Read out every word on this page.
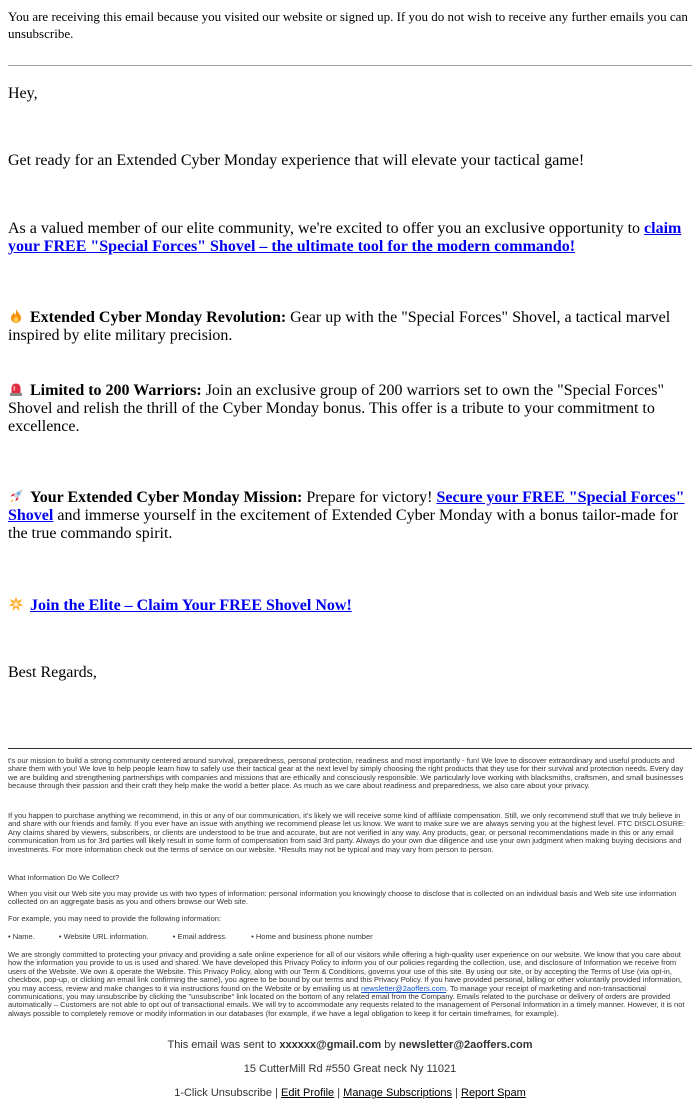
You are receiving this email because you visited our website or signed up. If you do not wish to receive any further emails you can unsubscribe.
Hey,
Get ready for an Extended Cyber Monday experience that will elevate your tactical game!
As a valued member of our elite community, we're excited to offer you an exclusive opportunity to claim your FREE "Special Forces" Shovel – the ultimate tool for the modern commando!
Extended Cyber Monday Revolution: Gear up with the "Special Forces" Shovel, a tactical marvel inspired by elite military precision.
Limited to 200 Warriors: Join an exclusive group of 200 warriors set to own the "Special Forces" Shovel and relish the thrill of the Cyber Monday bonus. This offer is a tribute to your commitment to excellence.
Your Extended Cyber Monday Mission: Prepare for victory! Secure your FREE "Special Forces" Shovel and immerse yourself in the excitement of Extended Cyber Monday with a bonus tailor-made for the true commando spirit.
Join the Elite – Claim Your FREE Shovel Now!
Best Regards,
t's our mission to build a strong community centered around survival, preparedness, personal protection, readiness and most importantly - fun! We love to discover extraordinary and useful products and share them with you! We love to help people learn how to safely use their tactical gear at the next level by simply choosing the right products that they use for their survival and protection needs. Every day we are building and strengthening partnerships with companies and missions that are ethically and consciously responsible. We particularly love working with blacksmiths, craftsmen, and small businesses because through their passion and their craft they help make the world a better place. As much as we care about readiness and preparedness, we also care about your privacy.
If you happen to purchase anything we recommend, in this or any of our communication, it's likely we will receive some kind of affiliate compensation. Still, we only recommend stuff that we truly believe in and share with our friends and family. If you ever have an issue with anything we recommend please let us know. We want to make sure we are always serving you at the highest level. FTC DISCLOSURE: Any claims shared by viewers, subscribers, or clients are understood to be true and accurate, but are not verified in any way. Any products, gear, or personal recommendations made in this or any email communication from us for 3rd parties will likely result in some form of compensation from said 3rd party. Always do your own due diligence and use your own judgment when making buying decisions and investments. For more information check out the terms of service on our website. *Results may not be typical and may vary from person to person.
What Information Do We Collect?
When you visit our Web site you may provide us with two types of information: personal information you knowingly choose to disclose that is collected on an individual basis and Web site use information collected on an aggregate basis as you and others browse our Web site.
For example, you may need to provide the following information:
• Name.	• Website URL information.	• Email address.	• Home and business phone number
We are strongly committed to protecting your privacy and providing a safe online experience for all of our visitors while offering a high-quality user experience on our website. We know that you care about how the information you provide to us is used and shared. We have developed this Privacy Policy to inform you of our policies regarding the collection, use, and disclosure of Information we receive from users of the Website. We own & operate the Website. This Privacy Policy, along with our Term & Conditions, governs your use of this site. By using our site, or by accepting the Terms of Use (via opt-in, checkbox, pop-up, or clicking an email link confirming the same), you agree to be bound by our terms and this Privacy Policy. If you have provided personal, billing or other voluntarily provided information, you may access, review and make changes to it via instructions found on the Website or by emailing us at newsletter@2aoffers.com. To manage your receipt of marketing and non-transactional communications, you may unsubscribe by clicking the "unsubscribe" link located on the bottom of any related email from the Company. Emails related to the purchase or delivery of orders are provided automatically – Customers are not able to opt out of transactional emails. We will try to accommodate any requests related to the management of Personal Information in a timely manner. However, it is not always possible to completely remove or modify information in our databases (for example, if we have a legal obligation to keep it for certain timeframes, for example).
This email was sent to xxxxxx@gmail.com by newsletter@2aoffers.com
15 CutterMill Rd #550 Great neck Ny 11021
1-Click Unsubscribe | Edit Profile | Manage Subscriptions | Report Spam
